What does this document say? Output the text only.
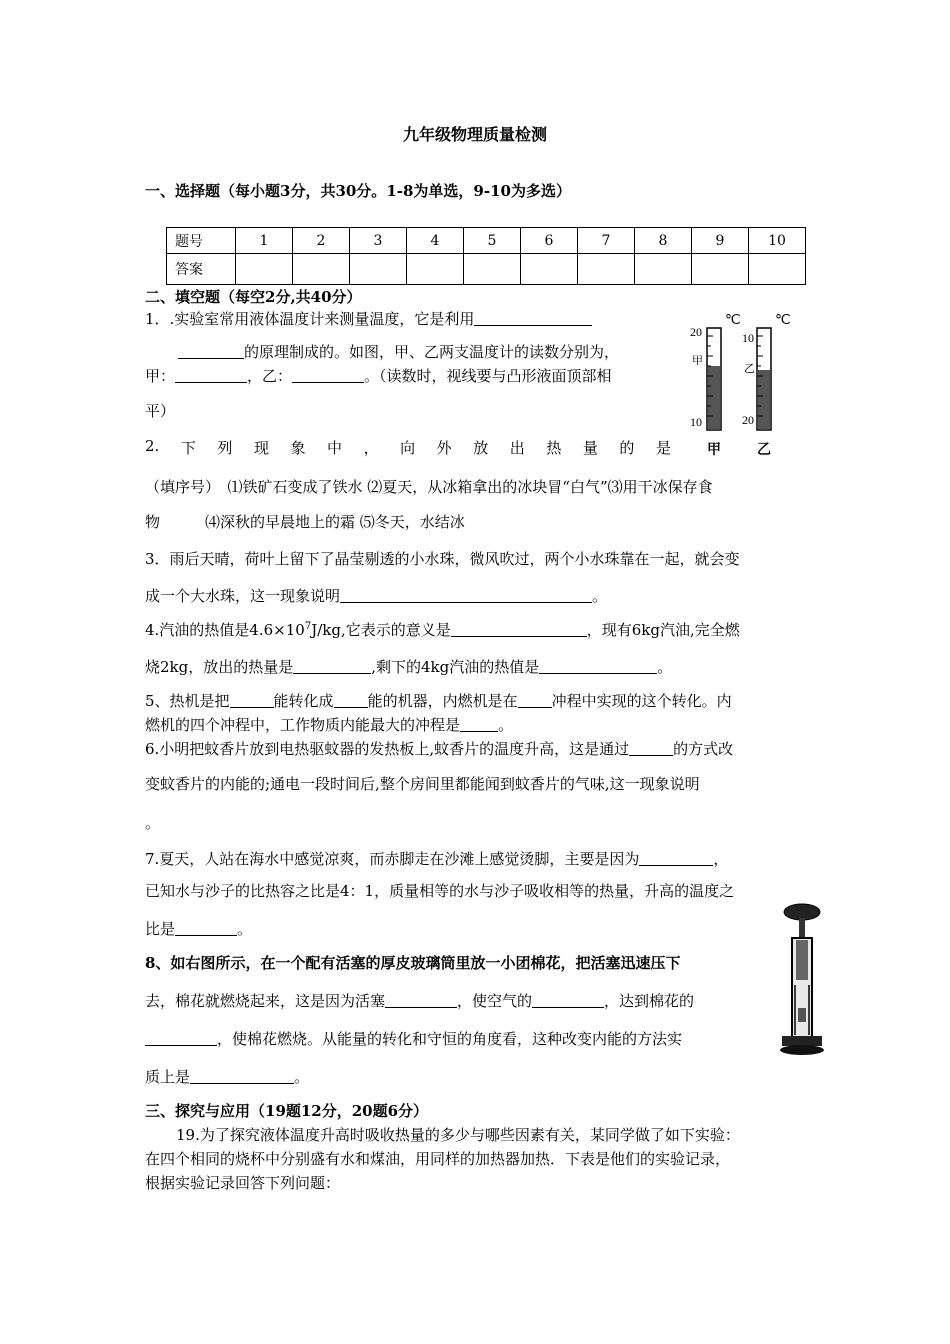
九年级物理质量检测
一、选择题（每小题3分，共30分。1-8为单选，9-10为多选）
题号	1	2	3	4	5	6	7	8	9	10
答案										
二、填空题（每空2分,共40分）
1．.实验室常用液体温度计来测量温度，它是利用
的原理制成的。如图，甲、乙两支温度计的读数分别为，
甲：	，乙：	。（读数时，视线要与凸形液面顶部相
平）
℃
20
10
甲
甲
℃
10
20
乙
乙
2. 下 列 现 象 中 ， 向 外 放 出 热 量 的 是
（填序号）　⑴铁矿石变成了铁水 ⑵夏天，从冰箱拿出的冰块冒“白气”⑶用干冰保存食
物　　　⑷深秋的早晨地上的霜 ⑸冬天，水结冰
3．雨后天晴，荷叶上留下了晶莹剔透的小水珠，微风吹过，两个小水珠靠在一起，就会变
成一个大水珠，这一现象说明	。
4.汽油的热值是$4.6\times 10^7J/kg$,它表示的意义是	，现有6kg汽油,完全燃
烧2kg，放出的热量是	,剩下的4kg汽油的热值是	。
5、热机是把	能转化成 能的机器，内燃机是在 冲程中实现的这个转化。内
燃机的四个冲程中，工作物质内能最大的冲程是	。
6.小明把蚊香片放到电热驱蚊器的发热板上,蚊香片的温度升高，这是通过	的方式改
变蚊香片的内能的;通电一段时间后,整个房间里都能闻到蚊香片的气味,这一现象说明
。
7.夏天，人站在海水中感觉凉爽，而赤脚走在沙滩上感觉烫脚，主要是因为	，
已知水与沙子的比热容之比是4：1，质量相等的水与沙子吸收相等的热量，升高的温度之
比是	。
8、如右图所示，在一个配有活塞的厚皮玻璃筒里放一小团棉花，把活塞迅速压下
去，棉花就燃烧起来，这是因为活塞	，使空气的	，达到棉花的
，使棉花燃烧。从能量的转化和守恒的角度看，这种改变内能的方法实
质上是	。
三、探究与应用（19题12分，20题6分）
19.为了探究液体温度升高时吸收热量的多少与哪些因素有关，某同学做了如下实验：
在四个相同的烧杯中分别盛有水和煤油，用同样的加热器加热．下表是他们的实验记录，
根据实验记录回答下列问题：
